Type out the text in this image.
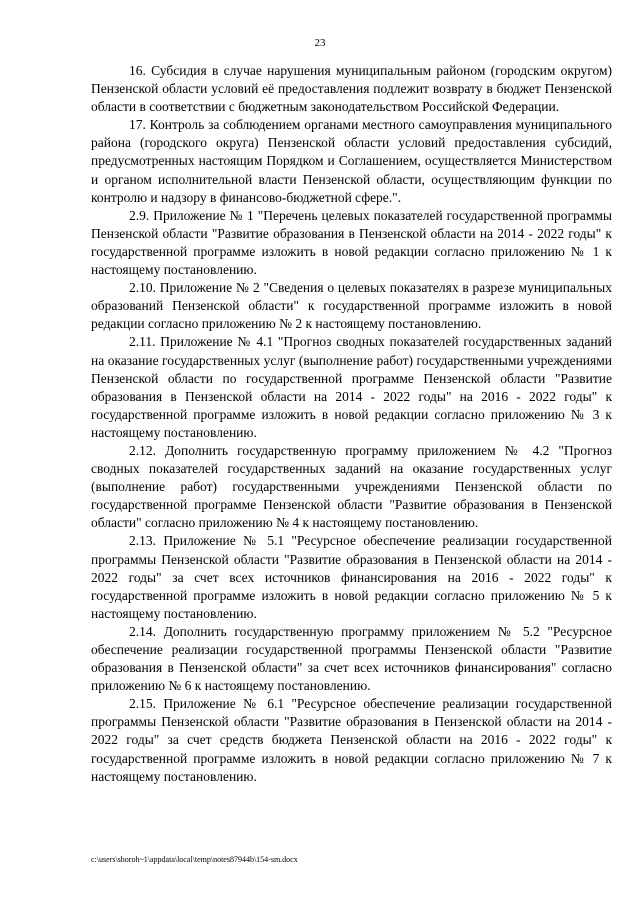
23

16. Субсидия в случае нарушения муниципальным районом (городским округом) Пензенской области условий её предоставления подлежит возврату в бюджет Пензенской области в соответствии с бюджетным законодательством Российской Федерации.

17. Контроль за соблюдением органами местного самоуправления муниципального района (городского округа) Пензенской области условий предоставления субсидий, предусмотренных настоящим Порядком и Соглашением, осуществляется Министерством и органом исполнительной власти Пензенской области, осуществляющим функции по контролю и надзору в финансово-бюджетной сфере.".

2.9. Приложение № 1 "Перечень целевых показателей государственной программы Пензенской области "Развитие образования в Пензенской области на 2014 - 2022 годы" к государственной программе изложить в новой редакции согласно приложению № 1 к настоящему постановлению.

2.10. Приложение № 2 "Сведения о целевых показателях в разрезе муниципальных образований Пензенской области" к государственной программе изложить в новой редакции согласно приложению № 2 к настоящему постановлению.

2.11. Приложение № 4.1 "Прогноз сводных показателей государственных заданий на оказание государственных услуг (выполнение работ) государственными учреждениями Пензенской области по государственной программе Пензенской области "Развитие образования в Пензенской области на 2014 - 2022 годы" на 2016 - 2022 годы" к государственной программе изложить в новой редакции согласно приложению № 3 к настоящему постановлению.

2.12. Дополнить государственную программу приложением № 4.2 "Прогноз сводных показателей государственных заданий на оказание государственных услуг (выполнение работ) государственными учреждениями Пензенской области по государственной программе Пензенской области "Развитие образования в Пензенской области" согласно приложению № 4 к настоящему постановлению.

2.13. Приложение № 5.1 "Ресурсное обеспечение реализации государственной программы Пензенской области "Развитие образования в Пензенской области на 2014 - 2022 годы" за счет всех источников финансирования на 2016 - 2022 годы" к государственной программе изложить в новой редакции согласно приложению № 5 к настоящему постановлению.

2.14. Дополнить государственную программу приложением № 5.2 "Ресурсное обеспечение реализации государственной программы Пензенской области "Развитие образования в Пензенской области" за счет всех источников финансирования" согласно приложению № 6 к настоящему постановлению.

2.15. Приложение № 6.1 "Ресурсное обеспечение реализации государственной программы Пензенской области "Развитие образования в Пензенской области на 2014 - 2022 годы" за счет средств бюджета Пензенской области на 2016 - 2022 годы" к государственной программе изложить в новой редакции согласно приложению № 7 к настоящему постановлению.

c:\users\shoroh~1\appdata\local\temp\notes87944b\154-sm.docx
